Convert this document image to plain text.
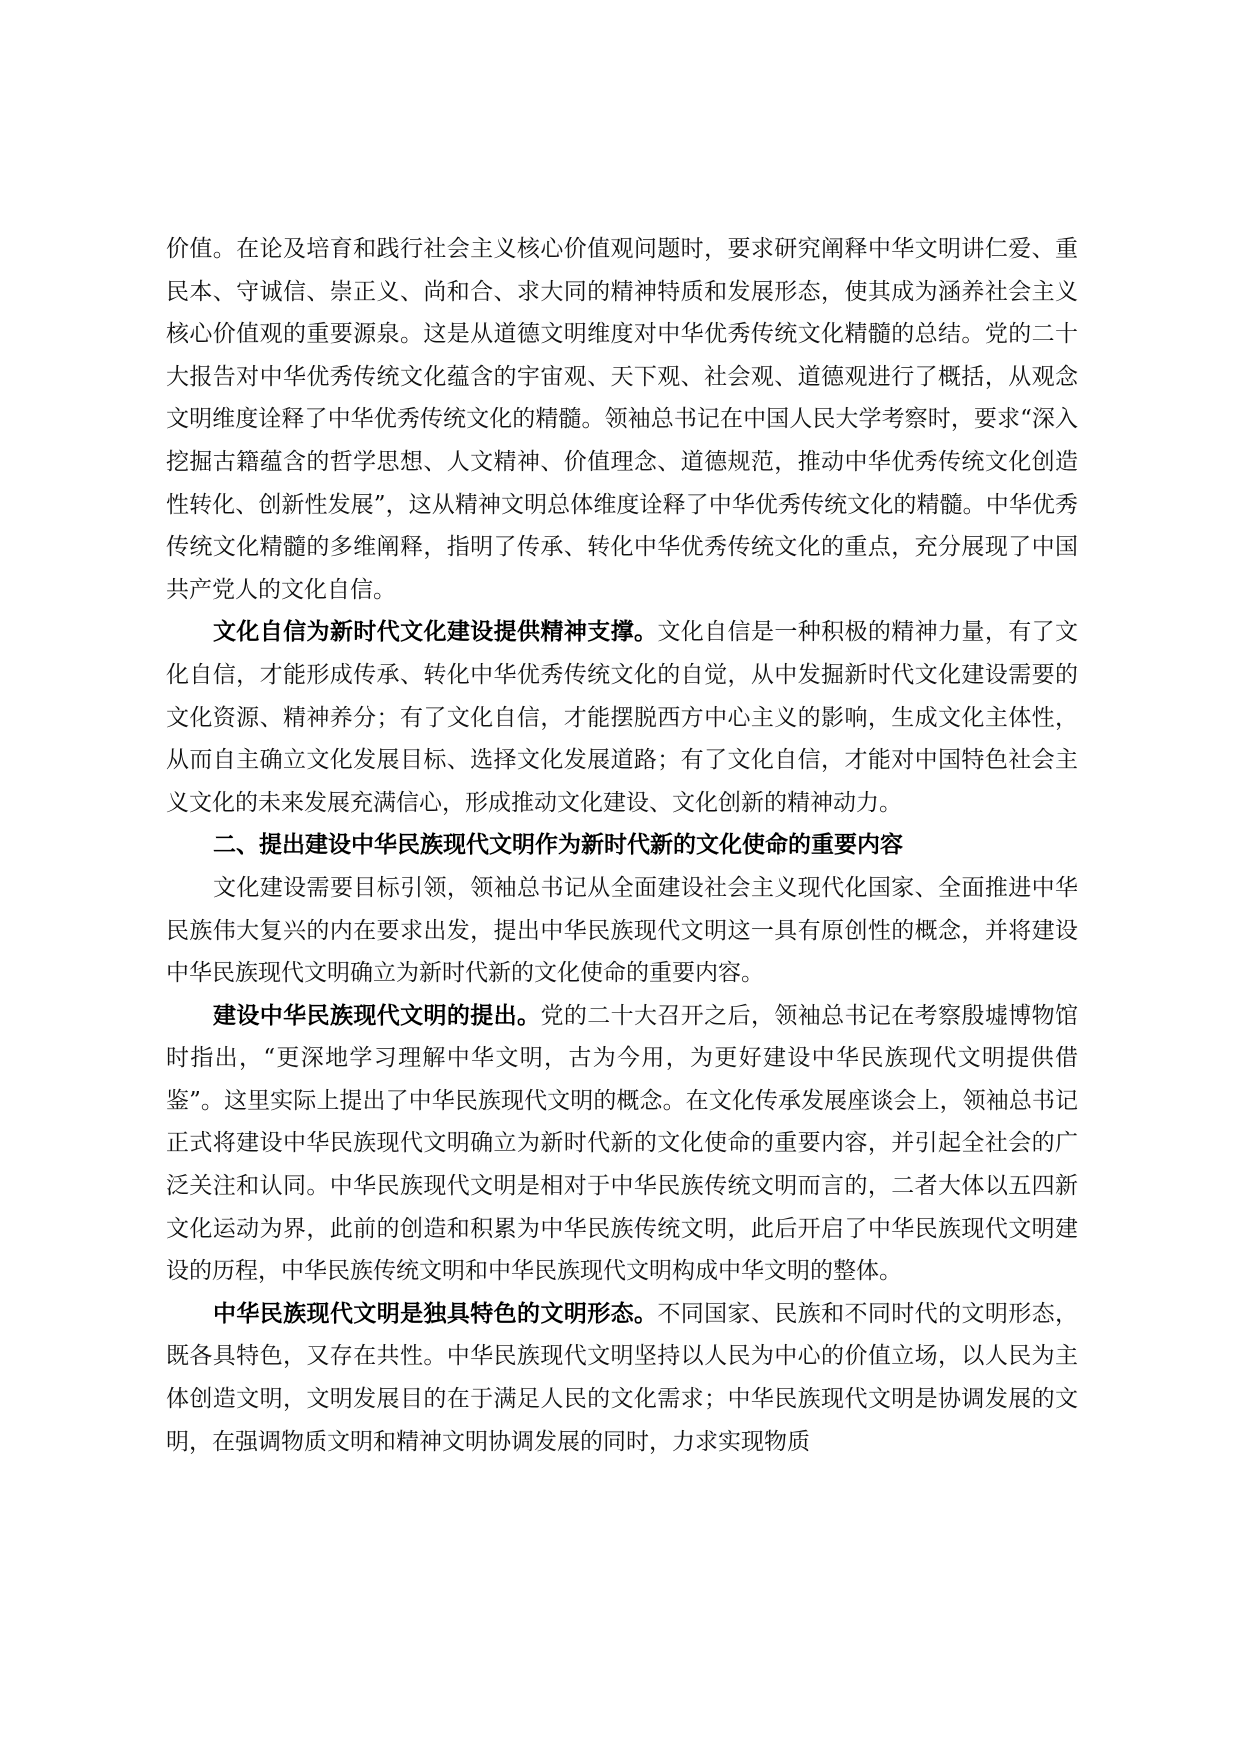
价值。在论及培育和践行社会主义核心价值观问题时，要求研究阐释中华文明讲仁爱、重民本、守诚信、崇正义、尚和合、求大同的精神特质和发展形态，使其成为涵养社会主义核心价值观的重要源泉。这是从道德文明维度对中华优秀传统文化精髓的总结。党的二十大报告对中华优秀传统文化蕴含的宇宙观、天下观、社会观、道德观进行了概括，从观念文明维度诠释了中华优秀传统文化的精髓。领袖总书记在中国人民大学考察时，要求“深入挖掘古籍蕴含的哲学思想、人文精神、价值理念、道德规范，推动中华优秀传统文化创造性转化、创新性发展”，这从精神文明总体维度诠释了中华优秀传统文化的精髓。中华优秀传统文化精髓的多维阐释，指明了传承、转化中华优秀传统文化的重点，充分展现了中国共产党人的文化自信。

文化自信为新时代文化建设提供精神支撑。文化自信是一种积极的精神力量，有了文化自信，才能形成传承、转化中华优秀传统文化的自觉，从中发掘新时代文化建设需要的文化资源、精神养分；有了文化自信，才能摆脱西方中心主义的影响，生成文化主体性，从而自主确立文化发展目标、选择文化发展道路；有了文化自信，才能对中国特色社会主义文化的未来发展充满信心，形成推动文化建设、文化创新的精神动力。

二、提出建设中华民族现代文明作为新时代新的文化使命的重要内容

文化建设需要目标引领，领袖总书记从全面建设社会主义现代化国家、全面推进中华民族伟大复兴的内在要求出发，提出中华民族现代文明这一具有原创性的概念，并将建设中华民族现代文明确立为新时代新的文化使命的重要内容。

建设中华民族现代文明的提出。党的二十大召开之后，领袖总书记在考察殷墟博物馆时指出，“更深地学习理解中华文明，古为今用，为更好建设中华民族现代文明提供借鉴”。这里实际上提出了中华民族现代文明的概念。在文化传承发展座谈会上，领袖总书记正式将建设中华民族现代文明确立为新时代新的文化使命的重要内容，并引起全社会的广泛关注和认同。中华民族现代文明是相对于中华民族传统文明而言的，二者大体以五四新文化运动为界，此前的创造和积累为中华民族传统文明，此后开启了中华民族现代文明建设的历程，中华民族传统文明和中华民族现代文明构成中华文明的整体。

中华民族现代文明是独具特色的文明形态。不同国家、民族和不同时代的文明形态，既各具特色，又存在共性。中华民族现代文明坚持以人民为中心的价值立场，以人民为主体创造文明，文明发展目的在于满足人民的文化需求；中华民族现代文明是协调发展的文明，在强调物质文明和精神文明协调发展的同时，力求实现物质
